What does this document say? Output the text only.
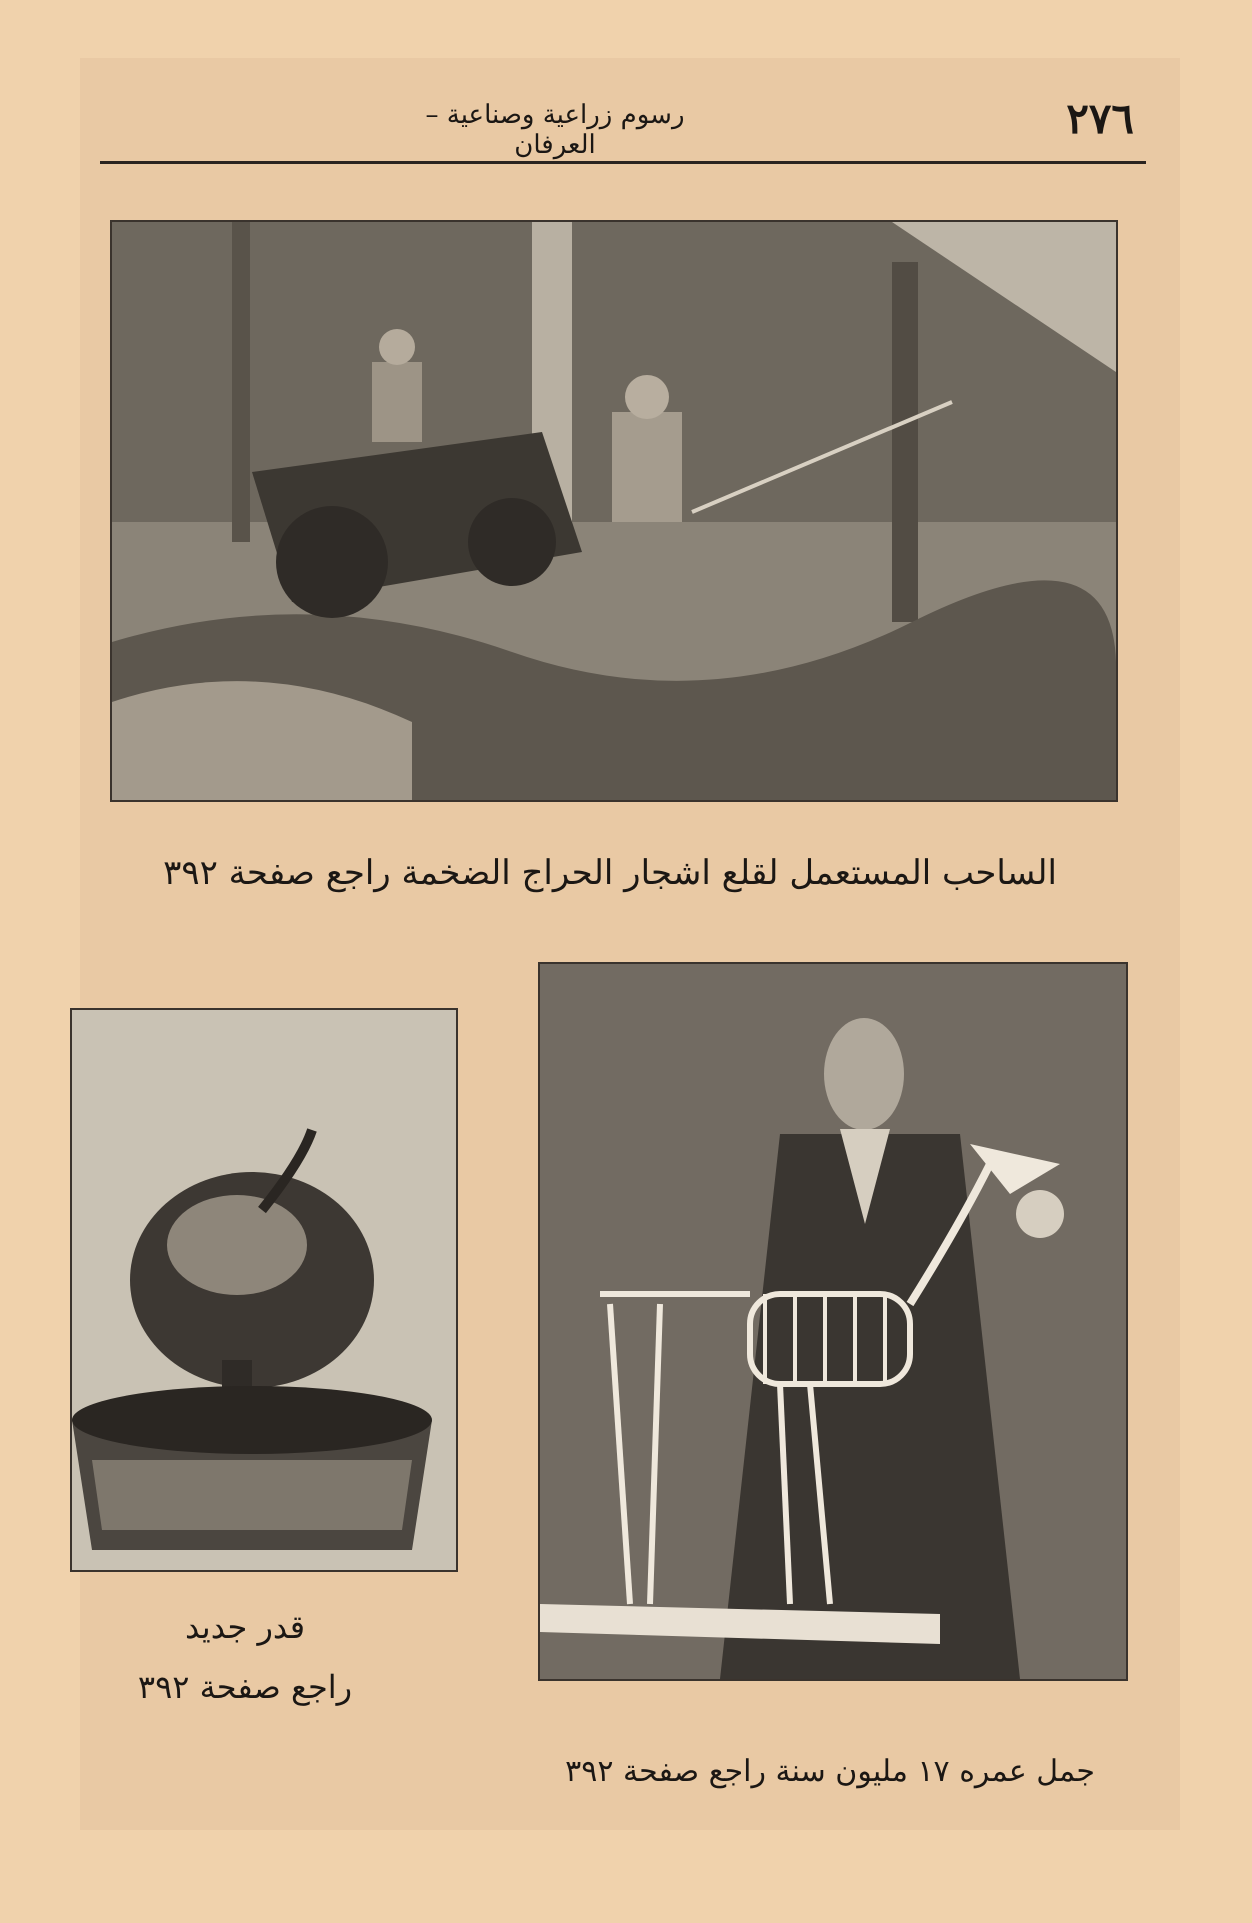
رسوم زراعية وصناعية – العرفان
٢٧٦
الساحب المستعمل لقلع اشجار الحراج الضخمة راجع صفحة ٣٩٢
قدر جديد
راجع صفحة ٣٩٢
جمل عمره ١٧ مليون سنة راجع صفحة ٣٩٢
